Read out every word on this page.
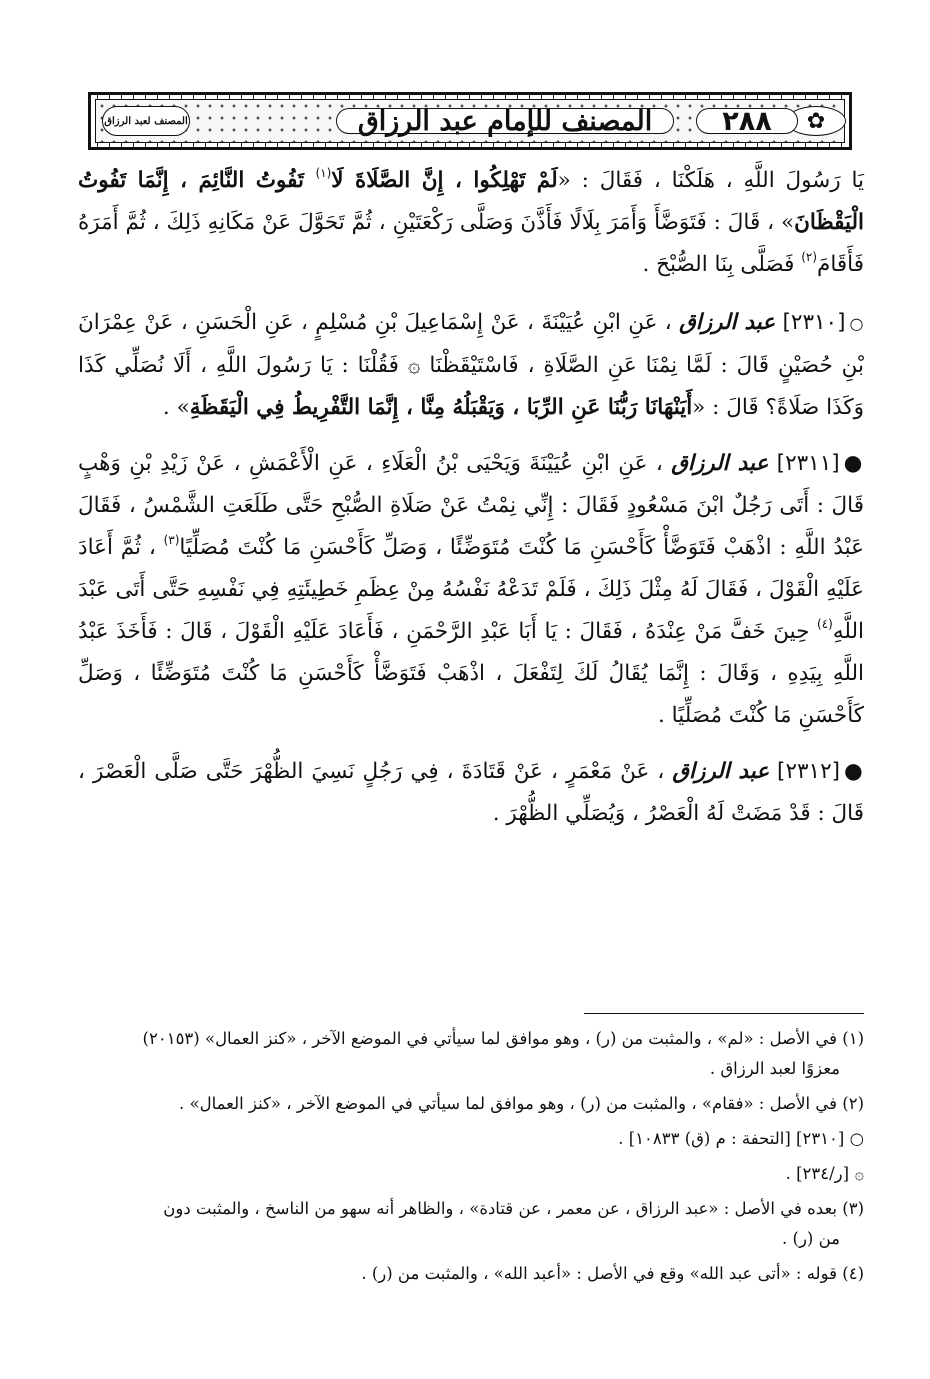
✿
٢٨٨
المصنف للإمام عبد الرزاق
المصنف لعبد الرزاق

يَا رَسُولَ اللَّهِ ، هَلَكْنَا ، فَقَالَ : «لَمْ تَهْلِكُوا ، إِنَّ الصَّلَاةَ لَا$^{(١)}$ تَفُوتُ النَّائِمَ ، إِنَّمَا تَفُوتُ الْيَقْظَانَ» ، قَالَ : فَتَوَضَّأَ وَأَمَرَ بِلَالًا فَأَذَّنَ وَصَلَّى رَكْعَتَيْنِ ، ثُمَّ تَحَوَّلَ عَنْ مَكَانِهِ ذَلِكَ ، ثُمَّ أَمَرَهُ فَأَقَامَ$^{(٢)}$ فَصَلَّى بِنَا الصُّبْحَ .

○[٢٣١٠] عبد الرزاق ، عَنِ ابْنِ عُيَيْنَةَ ، عَنْ إِسْمَاعِيلَ بْنِ مُسْلِمٍ ، عَنِ الْحَسَنِ ، عَنْ عِمْرَانَ بْنِ حُصَيْنٍ قَالَ : لَمَّا نِمْنَا عَنِ الصَّلَاةِ ، فَاسْتَيْقَظْنَا ۞ فَقُلْنَا : يَا رَسُولَ اللَّهِ ، أَلَا نُصَلِّي كَذَا وَكَذَا صَلَاةً؟ قَالَ : «أَيَنْهَانَا رَبُّنَا عَنِ الرِّبَا ، وَيَقْبَلُهُ مِنَّا ، إِنَّمَا التَّفْرِيطُ فِي الْيَقَظَةِ» .

●[٢٣١١] عبد الرزاق ، عَنِ ابْنِ عُيَيْنَةَ وَيَحْيَى بْنُ الْعَلَاءِ ، عَنِ الْأَعْمَشِ ، عَنْ زَيْدِ بْنِ وَهْبٍ قَالَ : أَتَى رَجُلٌ ابْنَ مَسْعُودٍ فَقَالَ : إِنِّي نِمْتُ عَنْ صَلَاةِ الصُّبْحِ حَتَّى طَلَعَتِ الشَّمْسُ ، فَقَالَ عَبْدُ اللَّهِ : اذْهَبْ فَتَوَضَّأْ كَأَحْسَنِ مَا كُنْتَ مُتَوَضِّئًا ، وَصَلِّ كَأَحْسَنِ مَا كُنْتَ مُصَلِّيًا$^{(٣)}$ ، ثُمَّ أَعَادَ عَلَيْهِ الْقَوْلَ ، فَقَالَ لَهُ مِثْلَ ذَلِكَ ، فَلَمْ تَدَعْهُ نَفْسُهُ مِنْ عِظَمِ خَطِيئَتِهِ فِي نَفْسِهِ حَتَّى أَتَى عَبْدَ اللَّهِ$^{(٤)}$ حِينَ خَفَّ مَنْ عِنْدَهُ ، فَقَالَ : يَا أَبَا عَبْدِ الرَّحْمَنِ ، فَأَعَادَ عَلَيْهِ الْقَوْلَ ، قَالَ : فَأَخَذَ عَبْدُ اللَّهِ بِيَدِهِ ، وَقَالَ : إِنَّمَا يُقَالُ لَكَ لِتَفْعَلَ ، اذْهَبْ فَتَوَضَّأْ كَأَحْسَنِ مَا كُنْتَ مُتَوَضِّئًا ، وَصَلِّ كَأَحْسَنِ مَا كُنْتَ مُصَلِّيًا .

●[٢٣١٢] عبد الرزاق ، عَنْ مَعْمَرٍ ، عَنْ قَتَادَةَ ، فِي رَجُلٍ نَسِيَ الظُّهْرَ حَتَّى صَلَّى الْعَصْرَ ، قَالَ : قَدْ مَضَتْ لَهُ الْعَصْرُ ، وَيُصَلِّي الظُّهْرَ .

(١) في الأصل : «لم» ، والمثبت من (ر) ، وهو موافق لما سيأتي في الموضع الآخر ، «كنز العمال» (٢٠١٥٣)
معزوًا لعبد الرزاق .
(٢) في الأصل : «فقام» ، والمثبت من (ر) ، وهو موافق لما سيأتي في الموضع الآخر ، «كنز العمال» .
○ [٢٣١٠] [التحفة : م (ق) ١٠٨٣٣] .
۞ [ر/٢٣٤] .
(٣) بعده في الأصل : «عبد الرزاق ، عن معمر ، عن قتادة» ، والظاهر أنه سهو من الناسخ ، والمثبت دون
من (ر) .
(٤) قوله : «أتى عبد الله» وقع في الأصل : «أعبد الله» ، والمثبت من (ر) .
